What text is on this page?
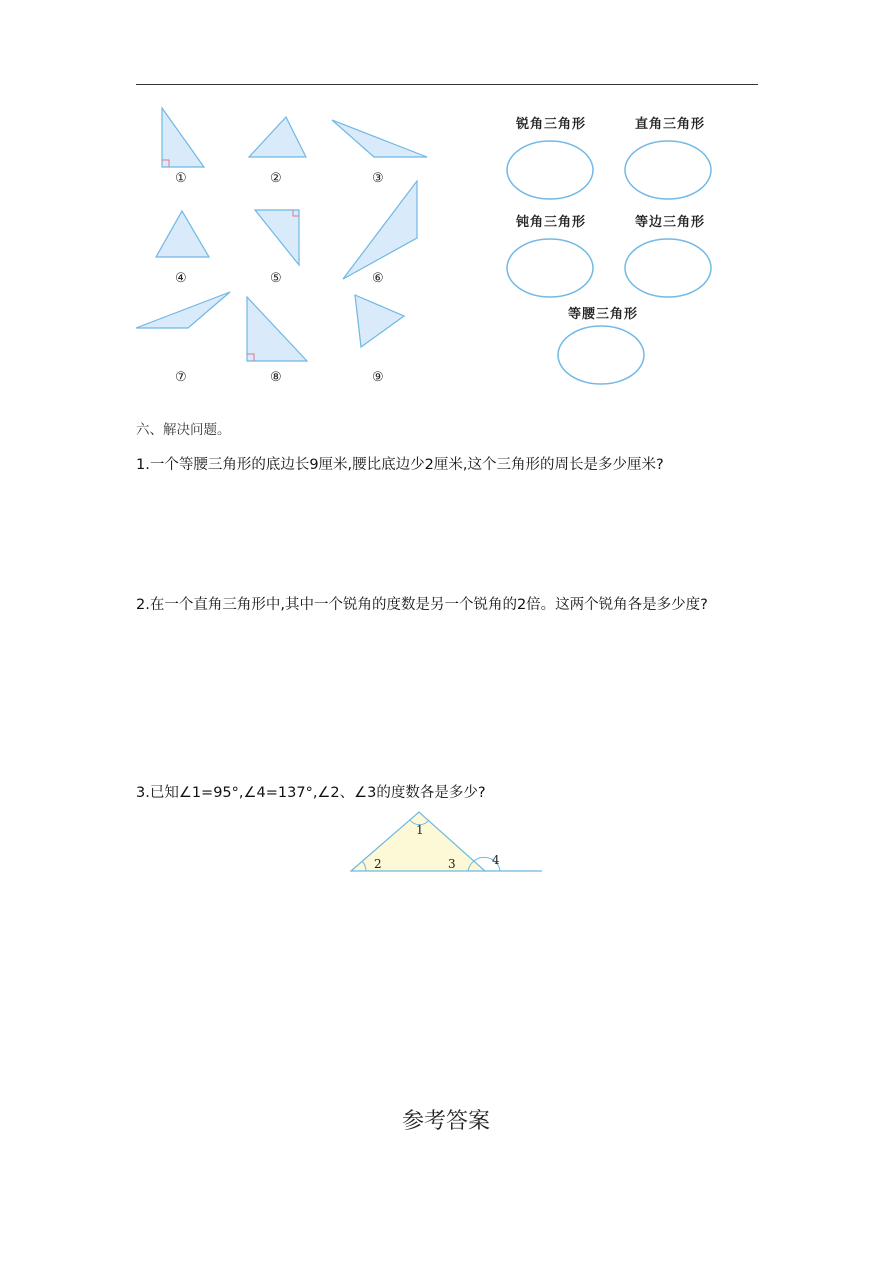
①	②	③
④	⑤	⑥
⑦	⑧	⑨
锐角三角形	直角三角形
钝角三角形	等边三角形
等腰三角形
六、解决问题。
1.一个等腰三角形的底边长9厘米,腰比底边少2厘米,这个三角形的周长是多少厘米?
2.在一个直角三角形中,其中一个锐角的度数是另一个锐角的2倍。这两个锐角各是多少度?
3.已知∠1=95°,∠4=137°,∠2、∠3的度数各是多少?
1
2	3	4
参考答案
